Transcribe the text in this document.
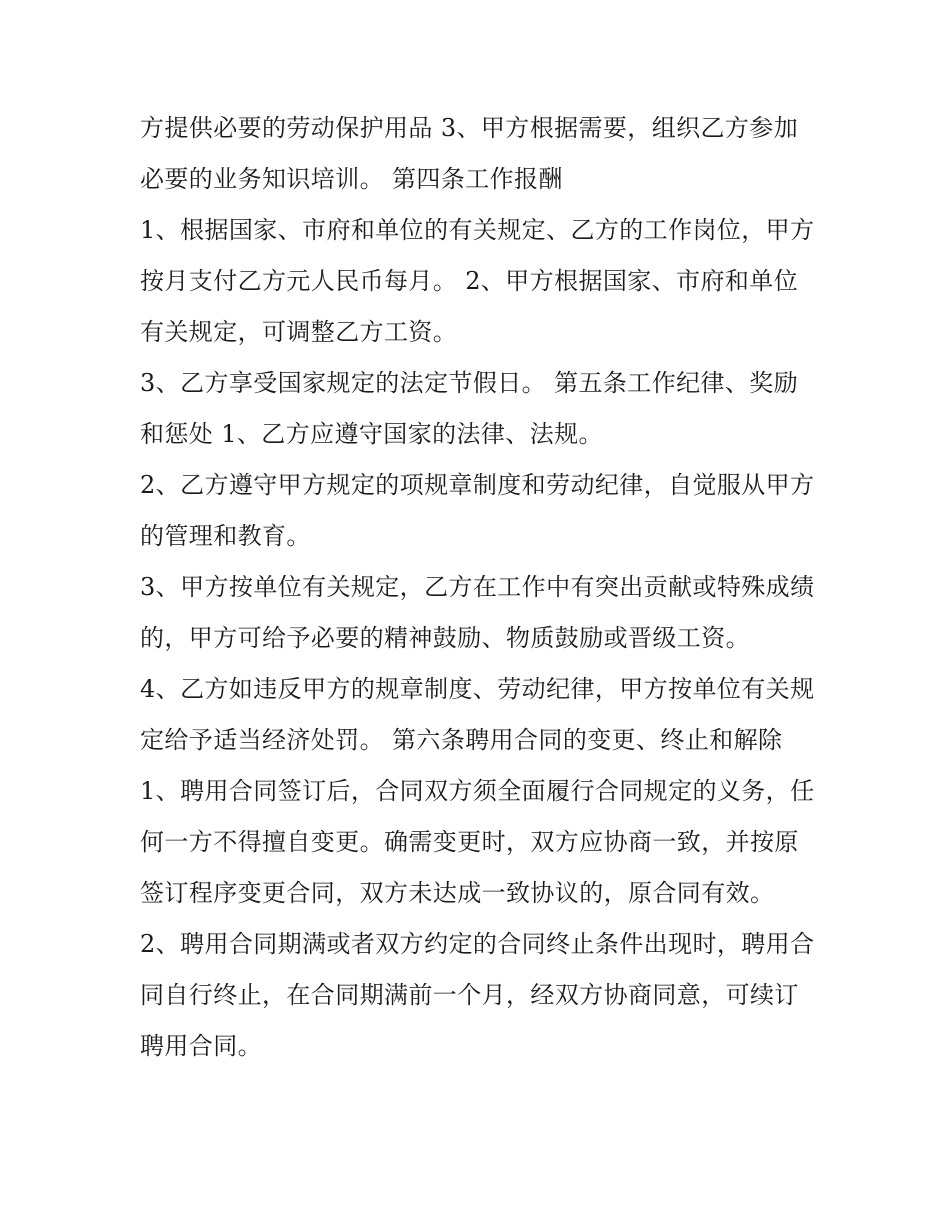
方提供必要的劳动保护用品 3、甲方根据需要，组织乙方参加必要的业务知识培训。 第四条工作报酬

1、根据国家、市府和单位的有关规定、乙方的工作岗位，甲方按月支付乙方元人民币每月。 2、甲方根据国家、市府和单位有关规定，可调整乙方工资。

3、乙方享受国家规定的法定节假日。 第五条工作纪律、奖励和惩处 1、乙方应遵守国家的法律、法规。

2、乙方遵守甲方规定的项规章制度和劳动纪律，自觉服从甲方的管理和教育。

3、甲方按单位有关规定，乙方在工作中有突出贡献或特殊成绩的，甲方可给予必要的精神鼓励、物质鼓励或晋级工资。

4、乙方如违反甲方的规章制度、劳动纪律，甲方按单位有关规定给予适当经济处罚。 第六条聘用合同的变更、终止和解除

1、聘用合同签订后，合同双方须全面履行合同规定的义务，任何一方不得擅自变更。确需变更时，双方应协商一致，并按原签订程序变更合同，双方未达成一致协议的，原合同有效。

2、聘用合同期满或者双方约定的合同终止条件出现时，聘用合同自行终止，在合同期满前一个月，经双方协商同意，可续订聘用合同。
